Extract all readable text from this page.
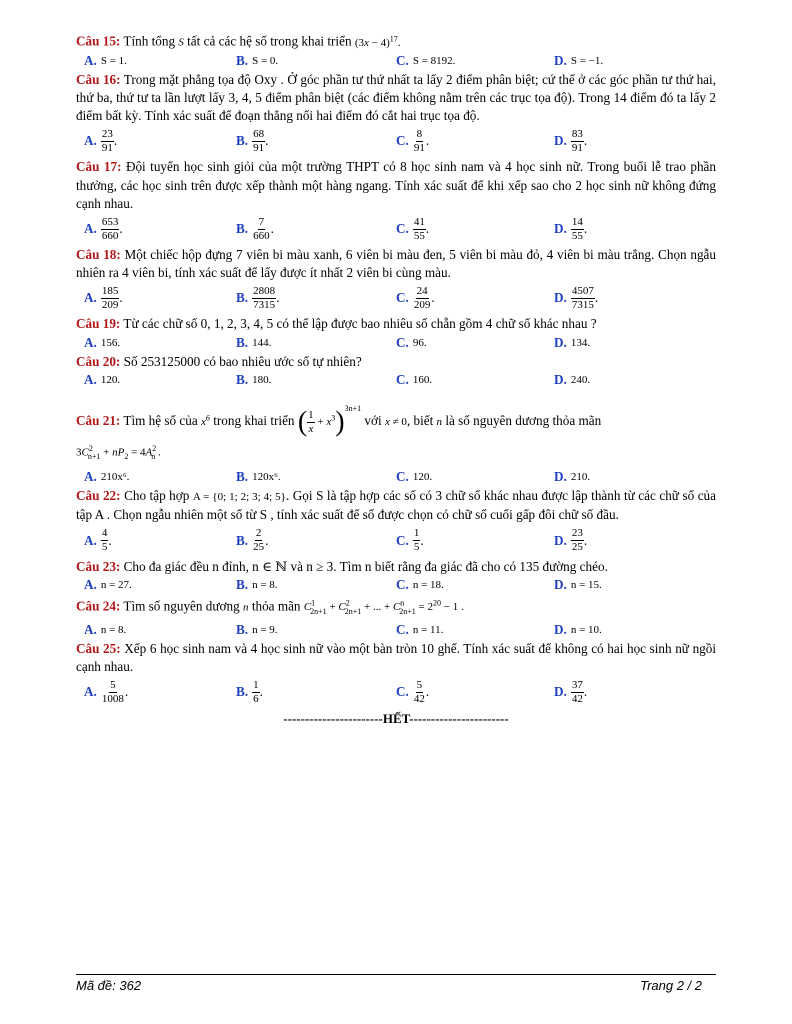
Câu 15: Tính tổng S tất cả các hệ số trong khai triển $(3x - 4)^{17}$.

A. S = 1.	B. S = 0.	C. S = 8192.	D. S = −1.

Câu 16: Trong mặt phẳng tọa độ Oxy . Ở góc phần tư thứ nhất ta lấy 2 điểm phân biệt; cứ thế ở các góc phần tư thứ hai, thứ ba, thứ tư ta lần lượt lấy 3, 4, 5 điểm phân biệt (các điểm không nằm trên các trục tọa độ). Trong 14 điểm đó ta lấy 2 điểm bất kỳ. Tính xác suất để đoạn thẳng nối hai điểm đó cắt hai trục tọa độ.

A. 23
91 .	B. 68
91 .	C. 8
91 .	D. 83
91 .

Câu 17: Đội tuyển học sinh giỏi của một trường THPT có 8 học sinh nam và 4 học sinh nữ. Trong buổi lễ trao phần thưởng, các học sinh trên được xếp thành một hàng ngang. Tính xác suất để khi xếp sao cho 2 học sinh nữ không đứng cạnh nhau.

A. 653
660 .	B. 7
660 .	C. 41
55 .	D. 14
55 .

Câu 18: Một chiếc hộp đựng 7 viên bi màu xanh, 6 viên bi màu đen, 5 viên bi màu đỏ, 4 viên bi màu trắng. Chọn ngẫu nhiên ra 4 viên bi, tính xác suất để lấy được ít nhất 2 viên bi cùng màu.

A. 185
209 .	B. 2808
7315 .	C. 24
209 .	D. 4507
7315 .

Câu 19: Từ các chữ số 0, 1, 2, 3, 4, 5 có thể lập được bao nhiêu số chẵn gồm 4 chữ số khác nhau ?

A. 156.	B. 144.	C. 96.	D. 134.

Câu 20: Số 253125000 có bao nhiêu ước số tự nhiên?

A. 120.	B. 180.	C. 160.	D. 240.

Câu 21: Tìm hệ số của $x^6$ trong khai triển ( $\frac{1}{x} + x^3)^{3n+1}$ với x ≠ 0, biết n là số nguyên dương thỏa mãn

$3C^2_{n+1} + nP_2 = 4A^2_n$ .

A. 210x⁶.	B. 120x⁶.	C. 120.	D. 210.

Câu 22: Cho tập hợp A = {0; 1; 2; 3; 4; 5}. Gọi S là tập hợp các số có 3 chữ số khác nhau được lập thành từ các chữ số của tập A . Chọn ngẫu nhiên một số từ S , tính xác suất để số được chọn có chữ số cuối gấp đôi chữ số đầu.

A. 4
5 .	B. 2
25 .	C. 1
5 .	D. 23
25 .

Câu 23: Cho đa giác đều n đỉnh, n ∈ ℕ và n ≥ 3. Tìm n biết rằng đa giác đã cho có 135 đường chéo.

A. n = 27.	B. n = 8.	C. n = 18.	D. n = 15.

Câu 24: Tìm số nguyên dương n thỏa mãn $C^1_{2n+1} + C^2_{2n+1}$ + ... + $C^n_{2n+1} = 2^{20} - 1$ .

A. n = 8.	B. n = 9.	C. n = 11.	D. n = 10.

Câu 25: Xếp 6 học sinh nam và 4 học sinh nữ vào một bàn tròn 10 ghế. Tính xác suất để không có hai học sinh nữ ngồi cạnh nhau.

A. 5
1008 .	B. 1
6 .	C. 5
42 .	D. 37
42 .
-----------------------HẾT-----------------------
Mã đề: 362	Trang 2 / 2
